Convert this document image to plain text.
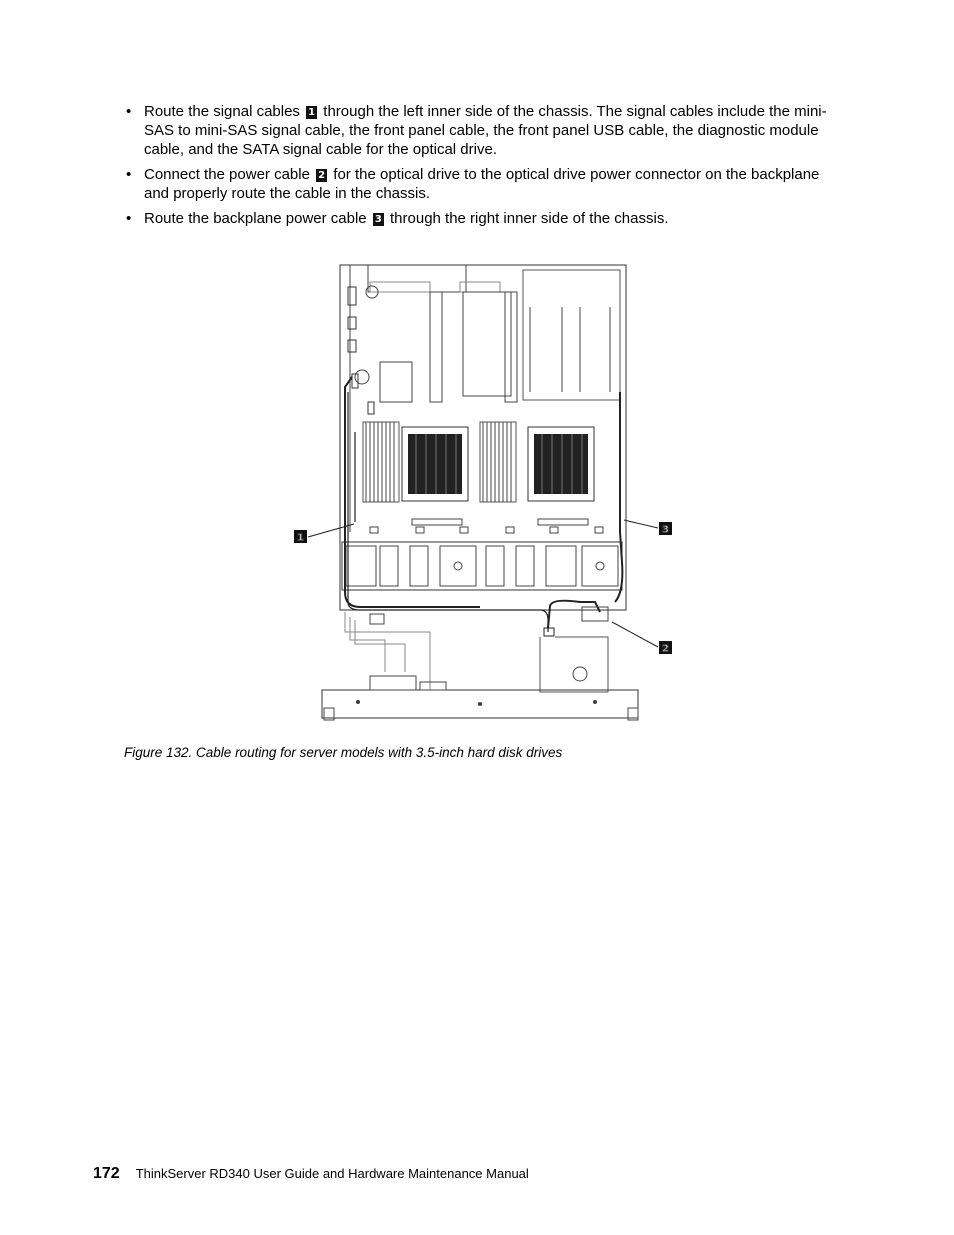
• Route the signal cables 1 through the left inner side of the chassis. The signal cables include the mini-SAS to mini-SAS signal cable, the front panel cable, the front panel USB cable, the diagnostic module cable, and the SATA signal cable for the optical drive.
• Connect the power cable 2 for the optical drive to the optical drive power connector on the backplane and properly route the cable in the chassis.
• Route the backplane power cable 3 through the right inner side of the chassis.
1
3
2
Figure 132. Cable routing for server models with 3.5-inch hard disk drives
172 ThinkServer RD340 User Guide and Hardware Maintenance Manual
